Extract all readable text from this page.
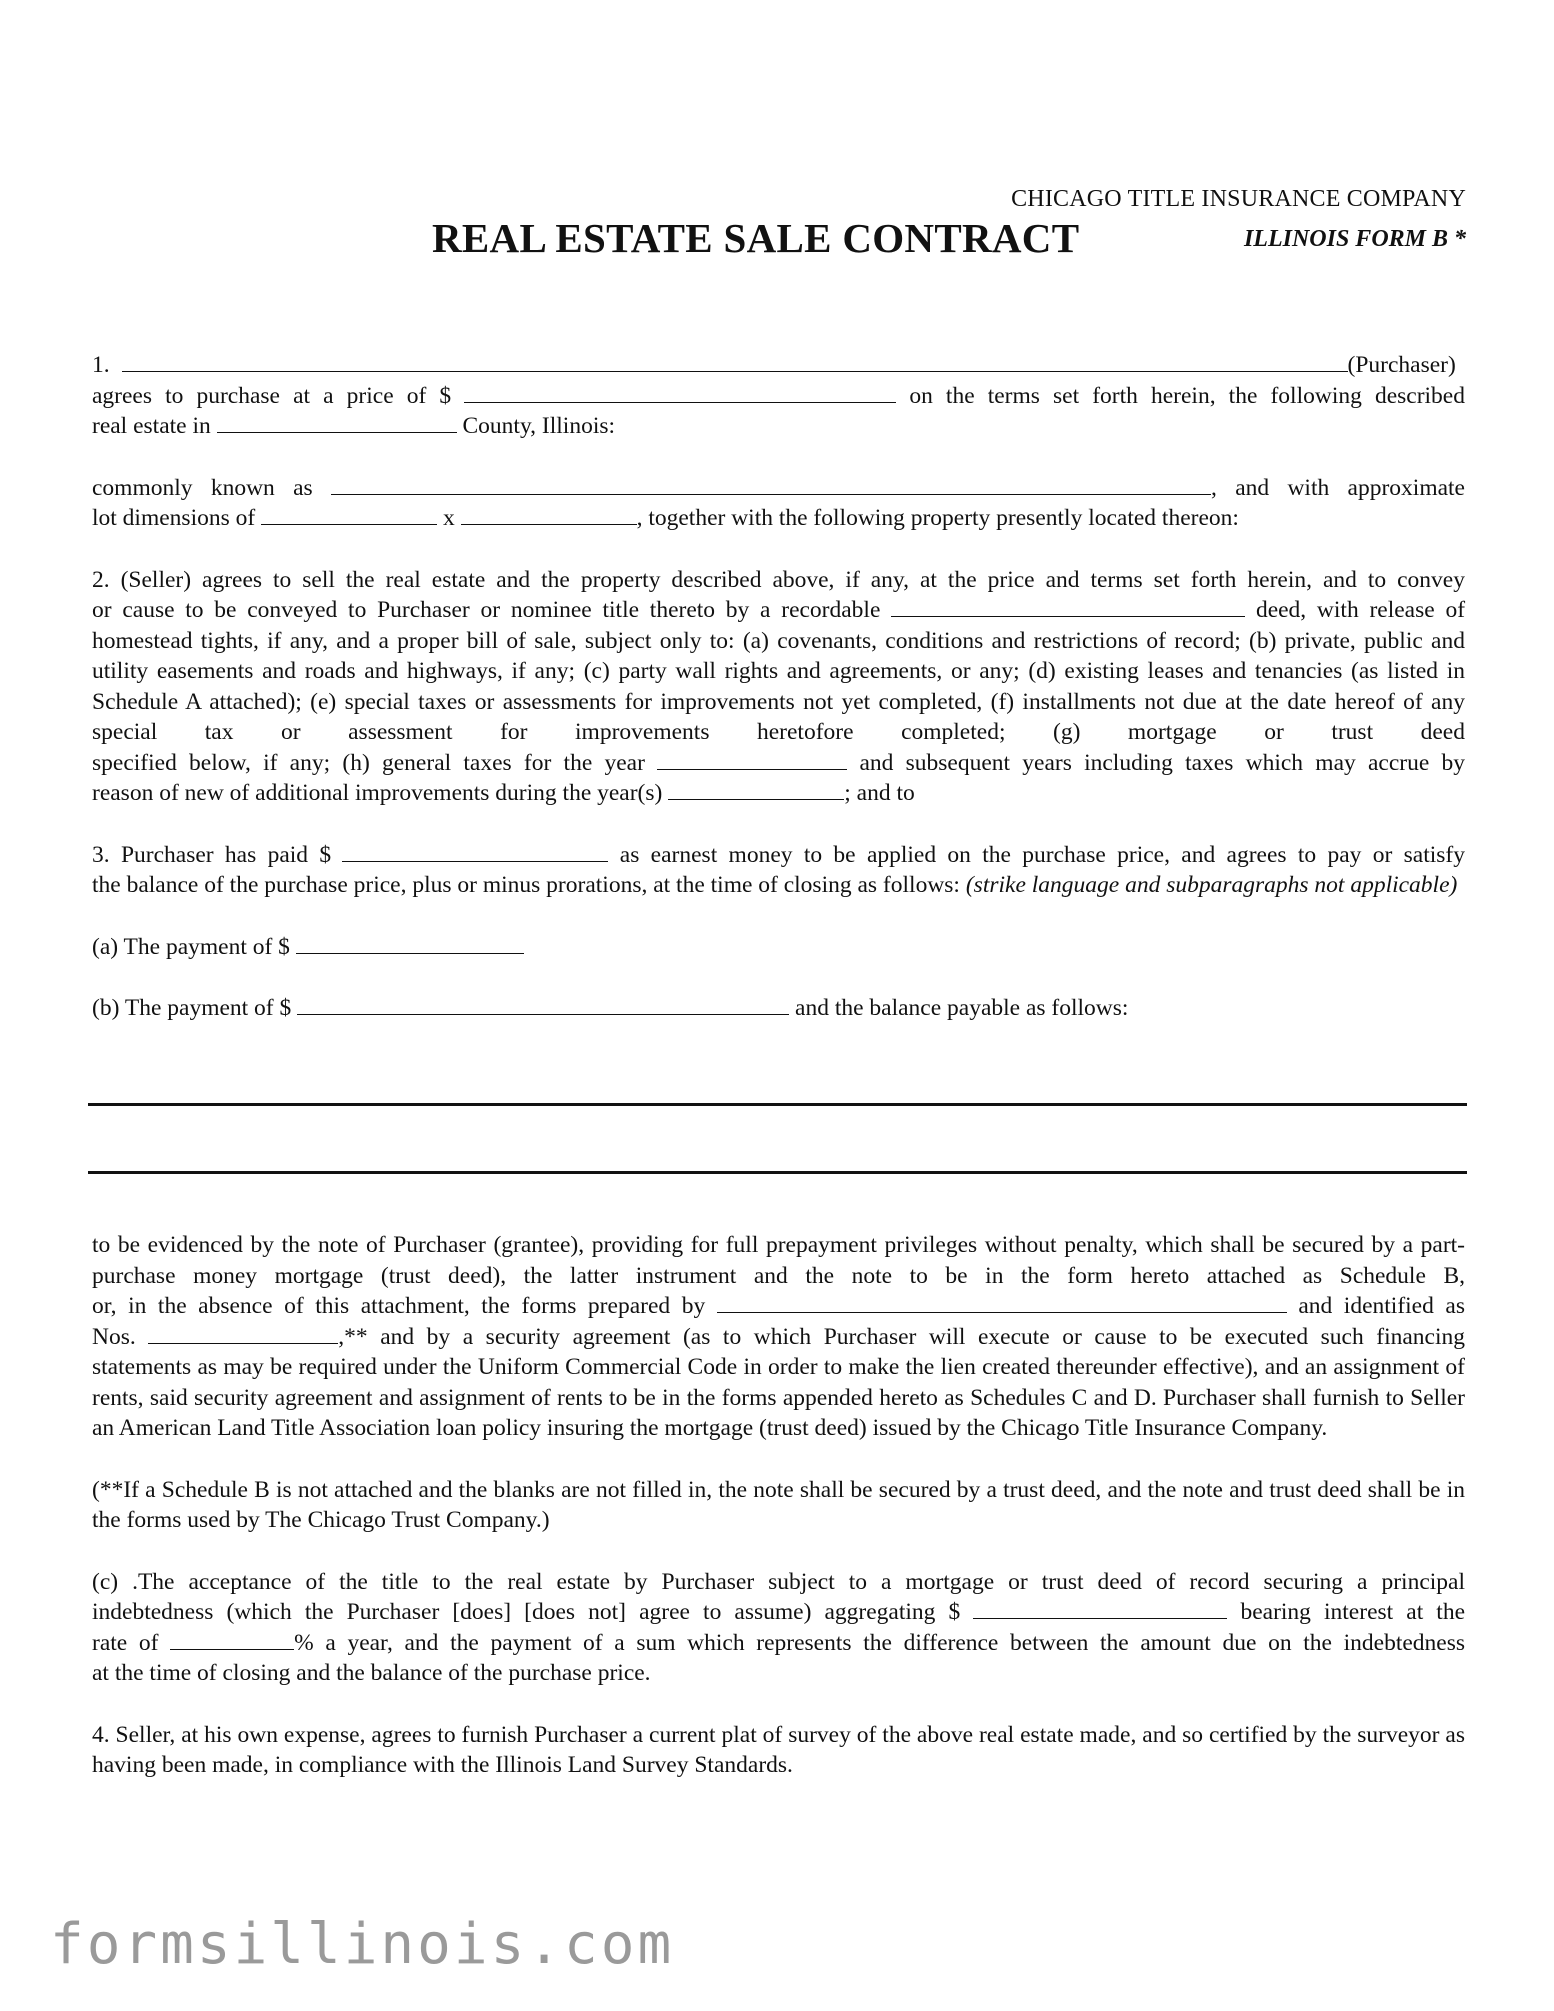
CHICAGO TITLE INSURANCE COMPANY
REAL ESTATE SALE CONTRACT	ILLINOIS FORM B *

1.	(Purchaser)

agrees to purchase at a price of $	on the terms set forth herein, the following described

real estate in	County, Illinois:

commonly known as	, and with approximate

lot dimensions of	x	, together with the following property presently located thereon:

2. (Seller) agrees to sell the real estate and the property described above, if any, at the price and terms set forth herein, and to convey

or cause to be conveyed to Purchaser or nominee title thereto by a recordable	deed, with release of

homestead tights, if any, and a proper bill of sale, subject only to: (a) covenants, conditions and restrictions of record; (b) private, public and utility easements and roads and highways, if any; (c) party wall rights and agreements, or any; (d) existing leases and tenancies (as listed in Schedule A attached); (e) special taxes or assessments for improvements not yet completed, (f) installments not due at the date hereof of any special tax or assessment for improvements heretofore completed; (g) mortgage or trust deed

specified below, if any; (h) general taxes for the year	and subsequent years including taxes which may accrue by

reason of new of additional improvements during the year(s)	; and to

3. Purchaser has paid $	as earnest money to be applied on the purchase price, and agrees to pay or satisfy

the balance of the purchase price, plus or minus prorations, at the time of closing as follows: (strike language and subparagraphs not applicable)

(a) The payment of $

(b) The payment of $	and the balance payable as follows:

to be evidenced by the note of Purchaser (grantee), providing for full prepayment privileges without penalty, which shall be secured by a part-purchase money mortgage (trust deed), the latter instrument and the note to be in the form hereto attached as Schedule B,

or, in the absence of this attachment, the forms prepared by	and identified as

Nos.	,** and by a security agreement (as to which Purchaser will execute or cause to be executed such financing

statements as may be required under the Uniform Commercial Code in order to make the lien created thereunder effective), and an assignment of rents, said security agreement and assignment of rents to be in the forms appended hereto as Schedules C and D. Purchaser shall furnish to Seller an American Land Title Association loan policy insuring the mortgage (trust deed) issued by the Chicago Title Insurance Company.

(**If a Schedule B is not attached and the blanks are not filled in, the note shall be secured by a trust deed, and the note and trust deed shall be in the forms used by The Chicago Trust Company.)

(c) .The acceptance of the title to the real estate by Purchaser subject to a mortgage or trust deed of record securing a principal

indebtedness (which the Purchaser [does] [does not] agree to assume) aggregating $	bearing interest at the

rate of	% a year, and the payment of a sum which represents the difference between the amount due on the indebtedness

at the time of closing and the balance of the purchase price.

4. Seller, at his own expense, agrees to furnish Purchaser a current plat of survey of the above real estate made, and so certified by the surveyor as having been made, in compliance with the Illinois Land Survey Standards.

formsillinois.com
